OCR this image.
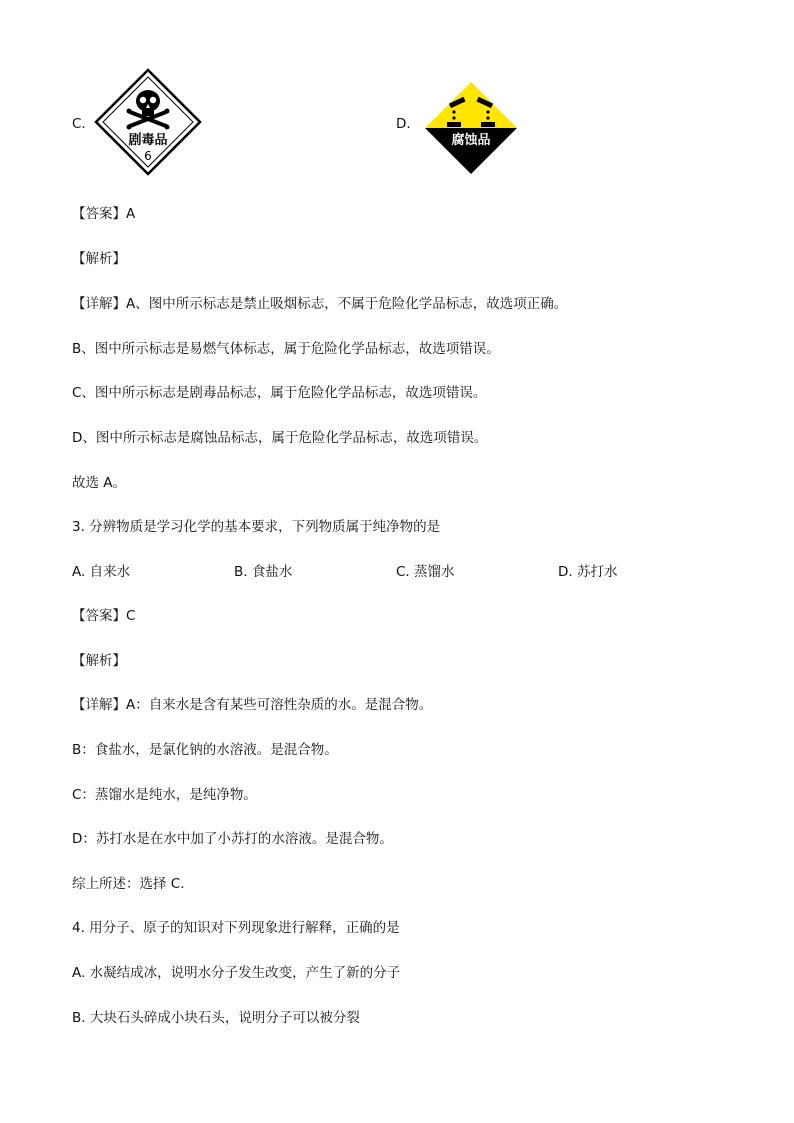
C.
剧毒品
6
D.
腐蚀品
【答案】A
【解析】
【详解】A、图中所示标志是禁止吸烟标志，不属于危险化学品标志，故选项正确。
B、图中所示标志是易燃气体标志，属于危险化学品标志，故选项错误。
C、图中所示标志是剧毒品标志，属于危险化学品标志，故选项错误。
D、图中所示标志是腐蚀品标志，属于危险化学品标志，故选项错误。
故选 A。
3. 分辨物质是学习化学的基本要求，下列物质属于纯净物的是
A. 自来水	B. 食盐水	C. 蒸馏水	D. 苏打水
【答案】C
【解析】
【详解】A：自来水是含有某些可溶性杂质的水。是混合物。
B：食盐水，是氯化钠的水溶液。是混合物。
C：蒸馏水是纯水，是纯净物。
D：苏打水是在水中加了小苏打的水溶液。是混合物。
综上所述：选择 C.
4. 用分子、原子的知识对下列现象进行解释，正确的是
A. 水凝结成冰，说明水分子发生改变，产生了新的分子
B. 大块石头碎成小块石头，说明分子可以被分裂
